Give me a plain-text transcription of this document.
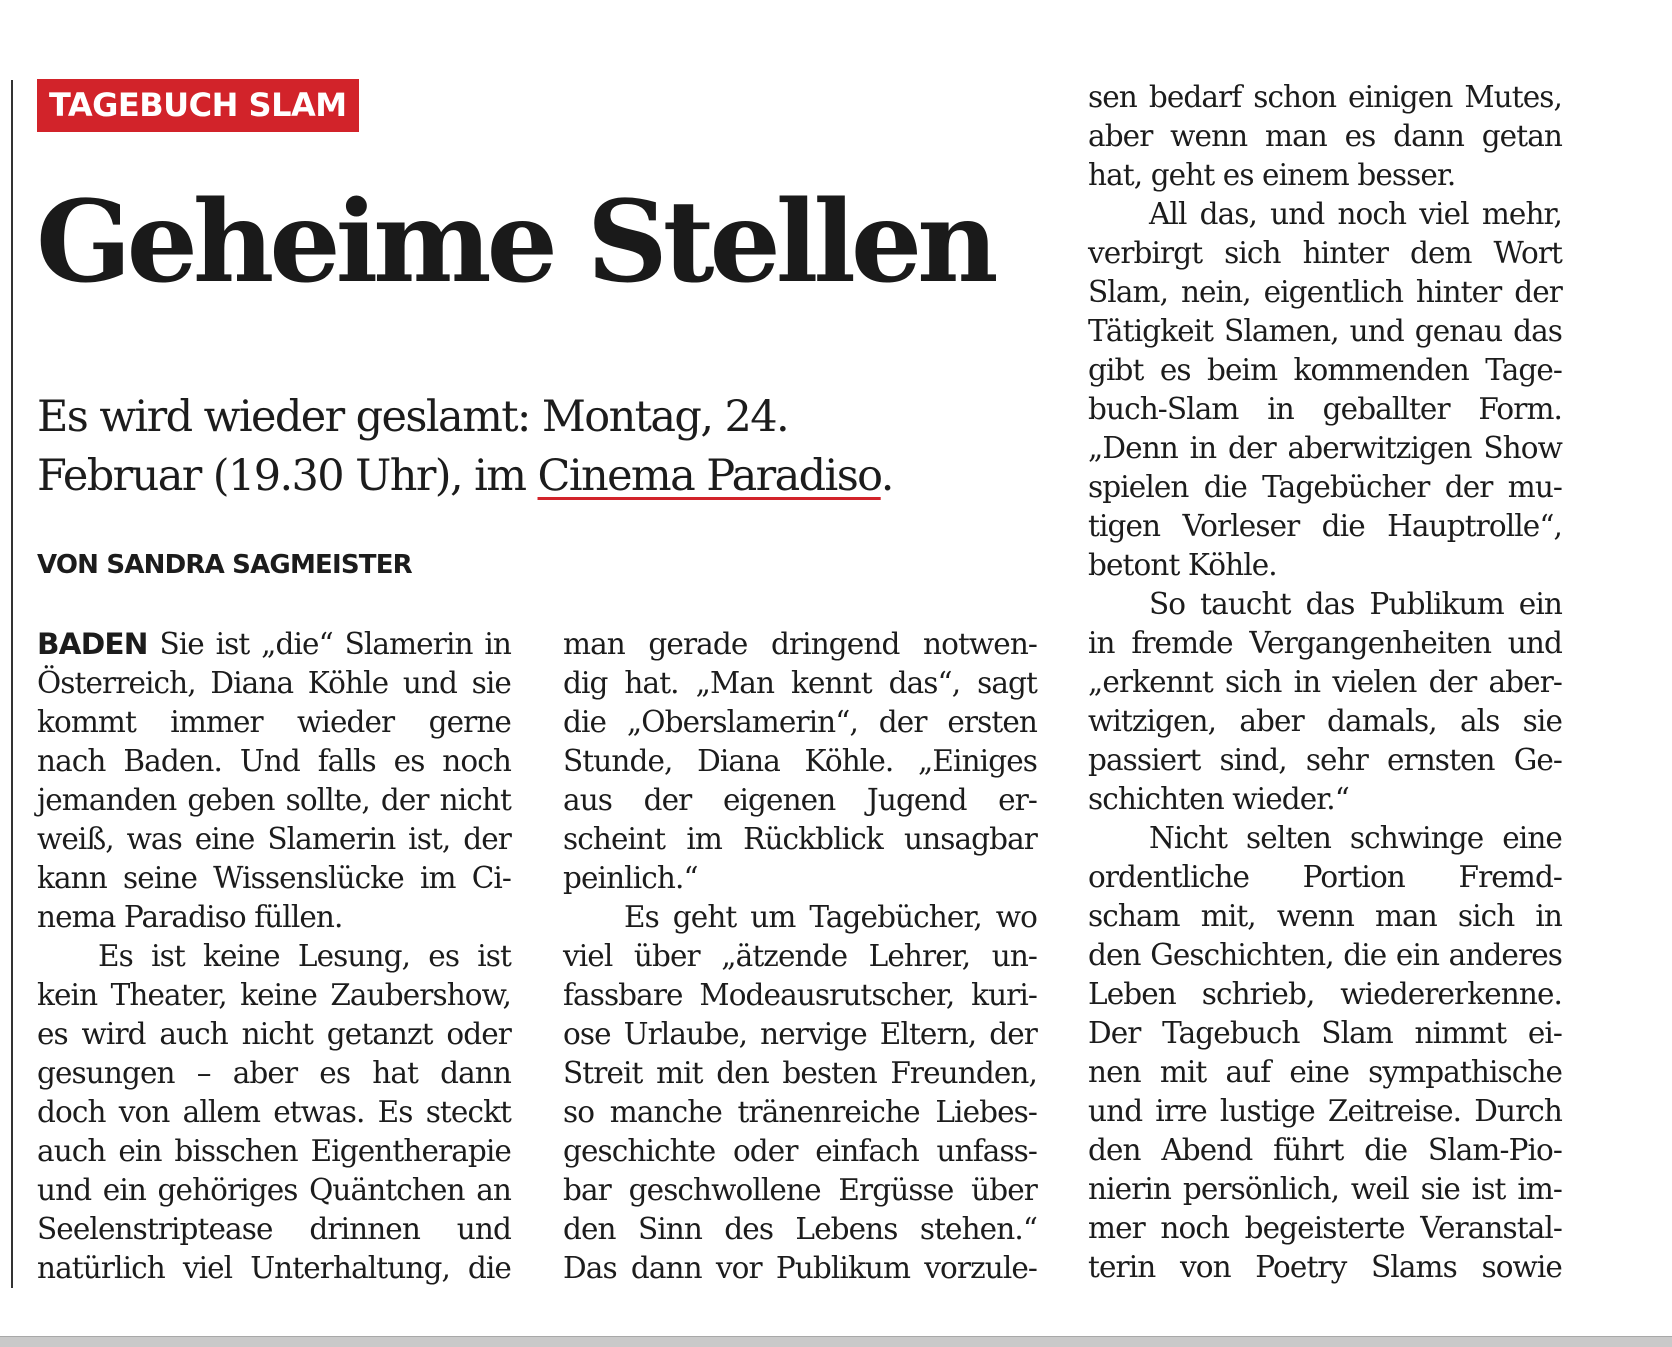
TAGEBUCH SLAM
Geheime Stellen
Es wird wieder geslamt: Montag, 24.
Februar (19.30 Uhr), im Cinema Paradiso.
VON SANDRA SAGMEISTER
BADEN Sie ist „die“ Slamerin in
Österreich, Diana Köhle und sie
kommt immer wieder gerne
nach Baden. Und falls es noch
jemanden geben sollte, der nicht
weiß, was eine Slamerin ist, der
kann seine Wissenslücke im Ci-
nema Paradiso füllen.
Es ist keine Lesung, es ist
kein Theater, keine Zaubershow,
es wird auch nicht getanzt oder
gesungen – aber es hat dann
doch von allem etwas. Es steckt
auch ein bisschen Eigentherapie
und ein gehöriges Quäntchen an
Seelenstriptease drinnen und
natürlich viel Unterhaltung, die
man gerade dringend notwen-
dig hat. „Man kennt das“, sagt
die „Oberslamerin“, der ersten
Stunde, Diana Köhle. „Einiges
aus der eigenen Jugend er-
scheint im Rückblick unsagbar
peinlich.“
Es geht um Tagebücher, wo
viel über „ätzende Lehrer, un-
fassbare Modeausrutscher, kuri-
ose Urlaube, nervige Eltern, der
Streit mit den besten Freunden,
so manche tränenreiche Liebes-
geschichte oder einfach unfass-
bar geschwollene Ergüsse über
den Sinn des Lebens stehen.“
Das dann vor Publikum vorzule-
sen bedarf schon einigen Mutes,
aber wenn man es dann getan
hat, geht es einem besser.
All das, und noch viel mehr,
verbirgt sich hinter dem Wort
Slam, nein, eigentlich hinter der
Tätigkeit Slamen, und genau das
gibt es beim kommenden Tage-
buch-Slam in geballter Form.
„Denn in der aberwitzigen Show
spielen die Tagebücher der mu-
tigen Vorleser die Hauptrolle“,
betont Köhle.
So taucht das Publikum ein
in fremde Vergangenheiten und
„erkennt sich in vielen der aber-
witzigen, aber damals, als sie
passiert sind, sehr ernsten Ge-
schichten wieder.“
Nicht selten schwinge eine
ordentliche Portion Fremd-
scham mit, wenn man sich in
den Geschichten, die ein anderes
Leben schrieb, wiedererkenne.
Der Tagebuch Slam nimmt ei-
nen mit auf eine sympathische
und irre lustige Zeitreise. Durch
den Abend führt die Slam-Pio-
nierin persönlich, weil sie ist im-
mer noch begeisterte Veranstal-
terin von Poetry Slams sowie
